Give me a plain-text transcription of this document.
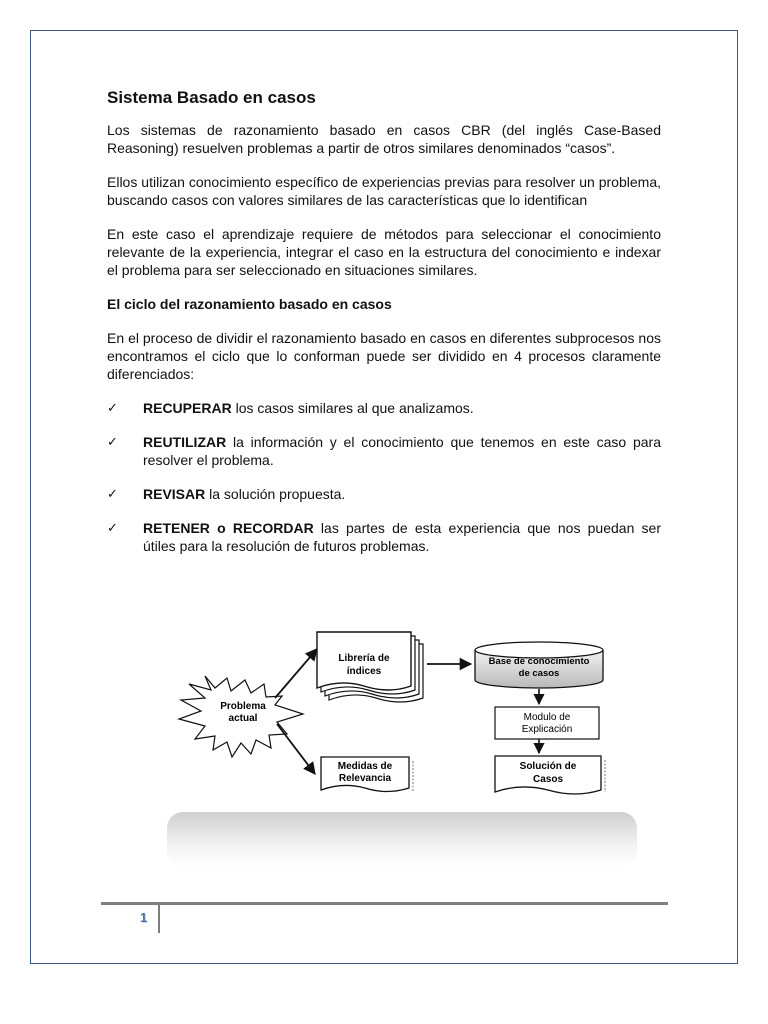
Sistema Basado en casos

Los sistemas de razonamiento basado en casos CBR (del inglés Case-Based Reasoning) resuelven problemas a partir de otros similares denominados “casos”.

Ellos utilizan conocimiento específico de experiencias previas para resolver un problema, buscando casos con valores similares de las características que lo identifican

En este caso el aprendizaje requiere de métodos para seleccionar el conocimiento relevante de la experiencia, integrar el caso en la estructura del conocimiento e indexar el problema para ser seleccionado en situaciones similares.

El ciclo del razonamiento basado en casos

En el proceso de dividir el razonamiento basado en casos en diferentes subprocesos nos encontramos el ciclo que lo conforman puede ser dividido en 4 procesos claramente diferenciados:

✓ RECUPERAR los casos similares al que analizamos.
✓ REUTILIZAR la información y el conocimiento que tenemos en este caso para resolver el problema.
✓ REVISAR la solución propuesta.
✓ RETENER o RECORDAR las partes de esta experiencia que nos puedan ser útiles para la resolución de futuros problemas.
Problema
actual
Librería de
índices
Base de conocimiento
de casos
Modulo de
Explicación
Solución de
Casos
Medidas de
Relevancia
1
